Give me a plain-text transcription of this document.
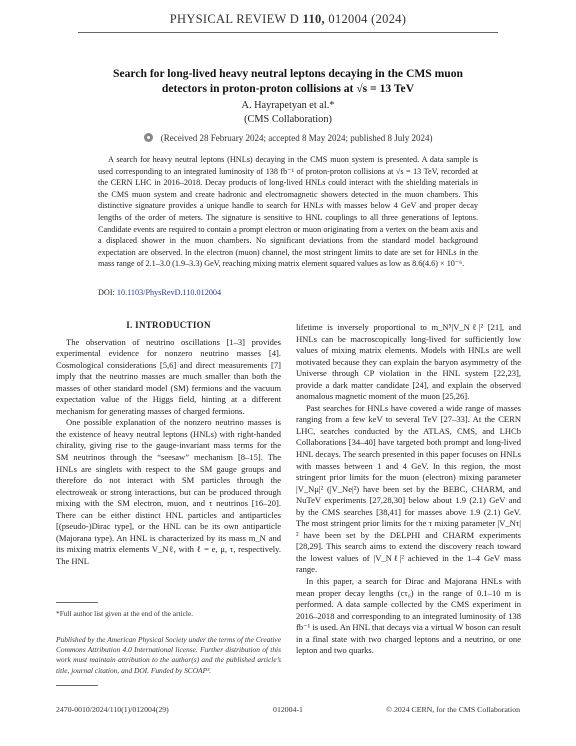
PHYSICAL REVIEW D 110, 012004 (2024)
Search for long-lived heavy neutral leptons decaying in the CMS muon
detectors in proton-proton collisions at √s = 13 TeV
A. Hayrapetyan et al.*
(CMS Collaboration)
(Received 28 February 2024; accepted 8 May 2024; published 8 July 2024)
A search for heavy neutral leptons (HNLs) decaying in the CMS muon system is presented. A data sample is used corresponding to an integrated luminosity of 138 fb⁻¹ of proton-proton collisions at √s = 13 TeV, recorded at the CERN LHC in 2016–2018. Decay products of long-lived HNLs could interact with the shielding materials in the CMS muon system and create hadronic and electromagnetic showers detected in the muon chambers. This distinctive signature provides a unique handle to search for HNLs with masses below 4 GeV and proper decay lengths of the order of meters. The signature is sensitive to HNL couplings to all three generations of leptons. Candidate events are required to contain a prompt electron or muon originating from a vertex on the beam axis and a displaced shower in the muon chambers. No significant deviations from the standard model background expectation are observed. In the electron (muon) channel, the most stringent limits to date are set for HNLs in the mass range of 2.1–3.0 (1.9–3.3) GeV, reaching mixing matrix element squared values as low as 8.6(4.6) × 10⁻⁶.
DOI: 10.1103/PhysRevD.110.012004
I. INTRODUCTION

The observation of neutrino oscillations [1–3] provides experimental evidence for nonzero neutrino masses [4]. Cosmological considerations [5,6] and direct measurements [7] imply that the neutrino masses are much smaller than both the masses of other standard model (SM) fermions and the vacuum expectation value of the Higgs field, hinting at a different mechanism for generating masses of charged fermions.

One possible explanation of the nonzero neutrino masses is the existence of heavy neutral leptons (HNLs) with right-handed chirality, giving rise to the gauge-invariant mass terms for the SM neutrinos through the “seesaw” mechanism [8–15]. The HNLs are singlets with respect to the SM gauge groups and therefore do not interact with SM particles through the electroweak or strong interactions, but can be produced through mixing with the SM electron, muon, and τ neutrinos [16–20]. There can be either distinct HNL particles and antiparticles [(pseudo-)Dirac type], or the HNL can be its own antiparticle (Majorana type). An HNL is characterized by its mass m_N and its mixing matrix elements V_Nℓ, with ℓ = e, μ, τ, respectively. The HNL

lifetime is inversely proportional to m_N⁵|V_Nℓ|² [21], and HNLs can be macroscopically long-lived for sufficiently low values of mixing matrix elements. Models with HNLs are well motivated because they can explain the baryon asymmetry of the Universe through CP violation in the HNL system [22,23], provide a dark matter candidate [24], and explain the observed anomalous magnetic moment of the muon [25,26].

Past searches for HNLs have covered a wide range of masses ranging from a few keV to several TeV [27–33]. At the CERN LHC, searches conducted by the ATLAS, CMS, and LHCb Collaborations [34–40] have targeted both prompt and long-lived HNL decays. The search presented in this paper focuses on HNLs with masses between 1 and 4 GeV. In this region, the most stringent prior limits for the muon (electron) mixing parameter |V_Nμ|² (|V_Ne|²) have been set by the BEBC, CHARM, and NuTeV experiments [27,28,30] below about 1.9 (2.1) GeV and by the CMS searches [38,41] for masses above 1.9 (2.1) GeV. The most stringent prior limits for the τ mixing parameter |V_Nτ|² have been set by the DELPHI and CHARM experiments [28,29]. This search aims to extend the discovery reach toward the lowest values of |V_Nℓ|² achieved in the 1–4 GeV mass range.

In this paper, a search for Dirac and Majorana HNLs with mean proper decay lengths (cτ₀) in the range of 0.1–10 m is performed. A data sample collected by the CMS experiment in 2016–2018 and corresponding to an integrated luminosity of 138 fb⁻¹ is used. An HNL that decays via a virtual W boson can result in a final state with two charged leptons and a neutrino, or one lepton and two quarks.

*Full author list given at the end of the article.
Published by the American Physical Society under the terms of the Creative Commons Attribution 4.0 International license. Further distribution of this work must maintain attribution to the author(s) and the published article’s title, journal citation, and DOI. Funded by SCOAP³.
2470-0010/2024/110(1)/012004(29)	012004-1	© 2024 CERN, for the CMS Collaboration
